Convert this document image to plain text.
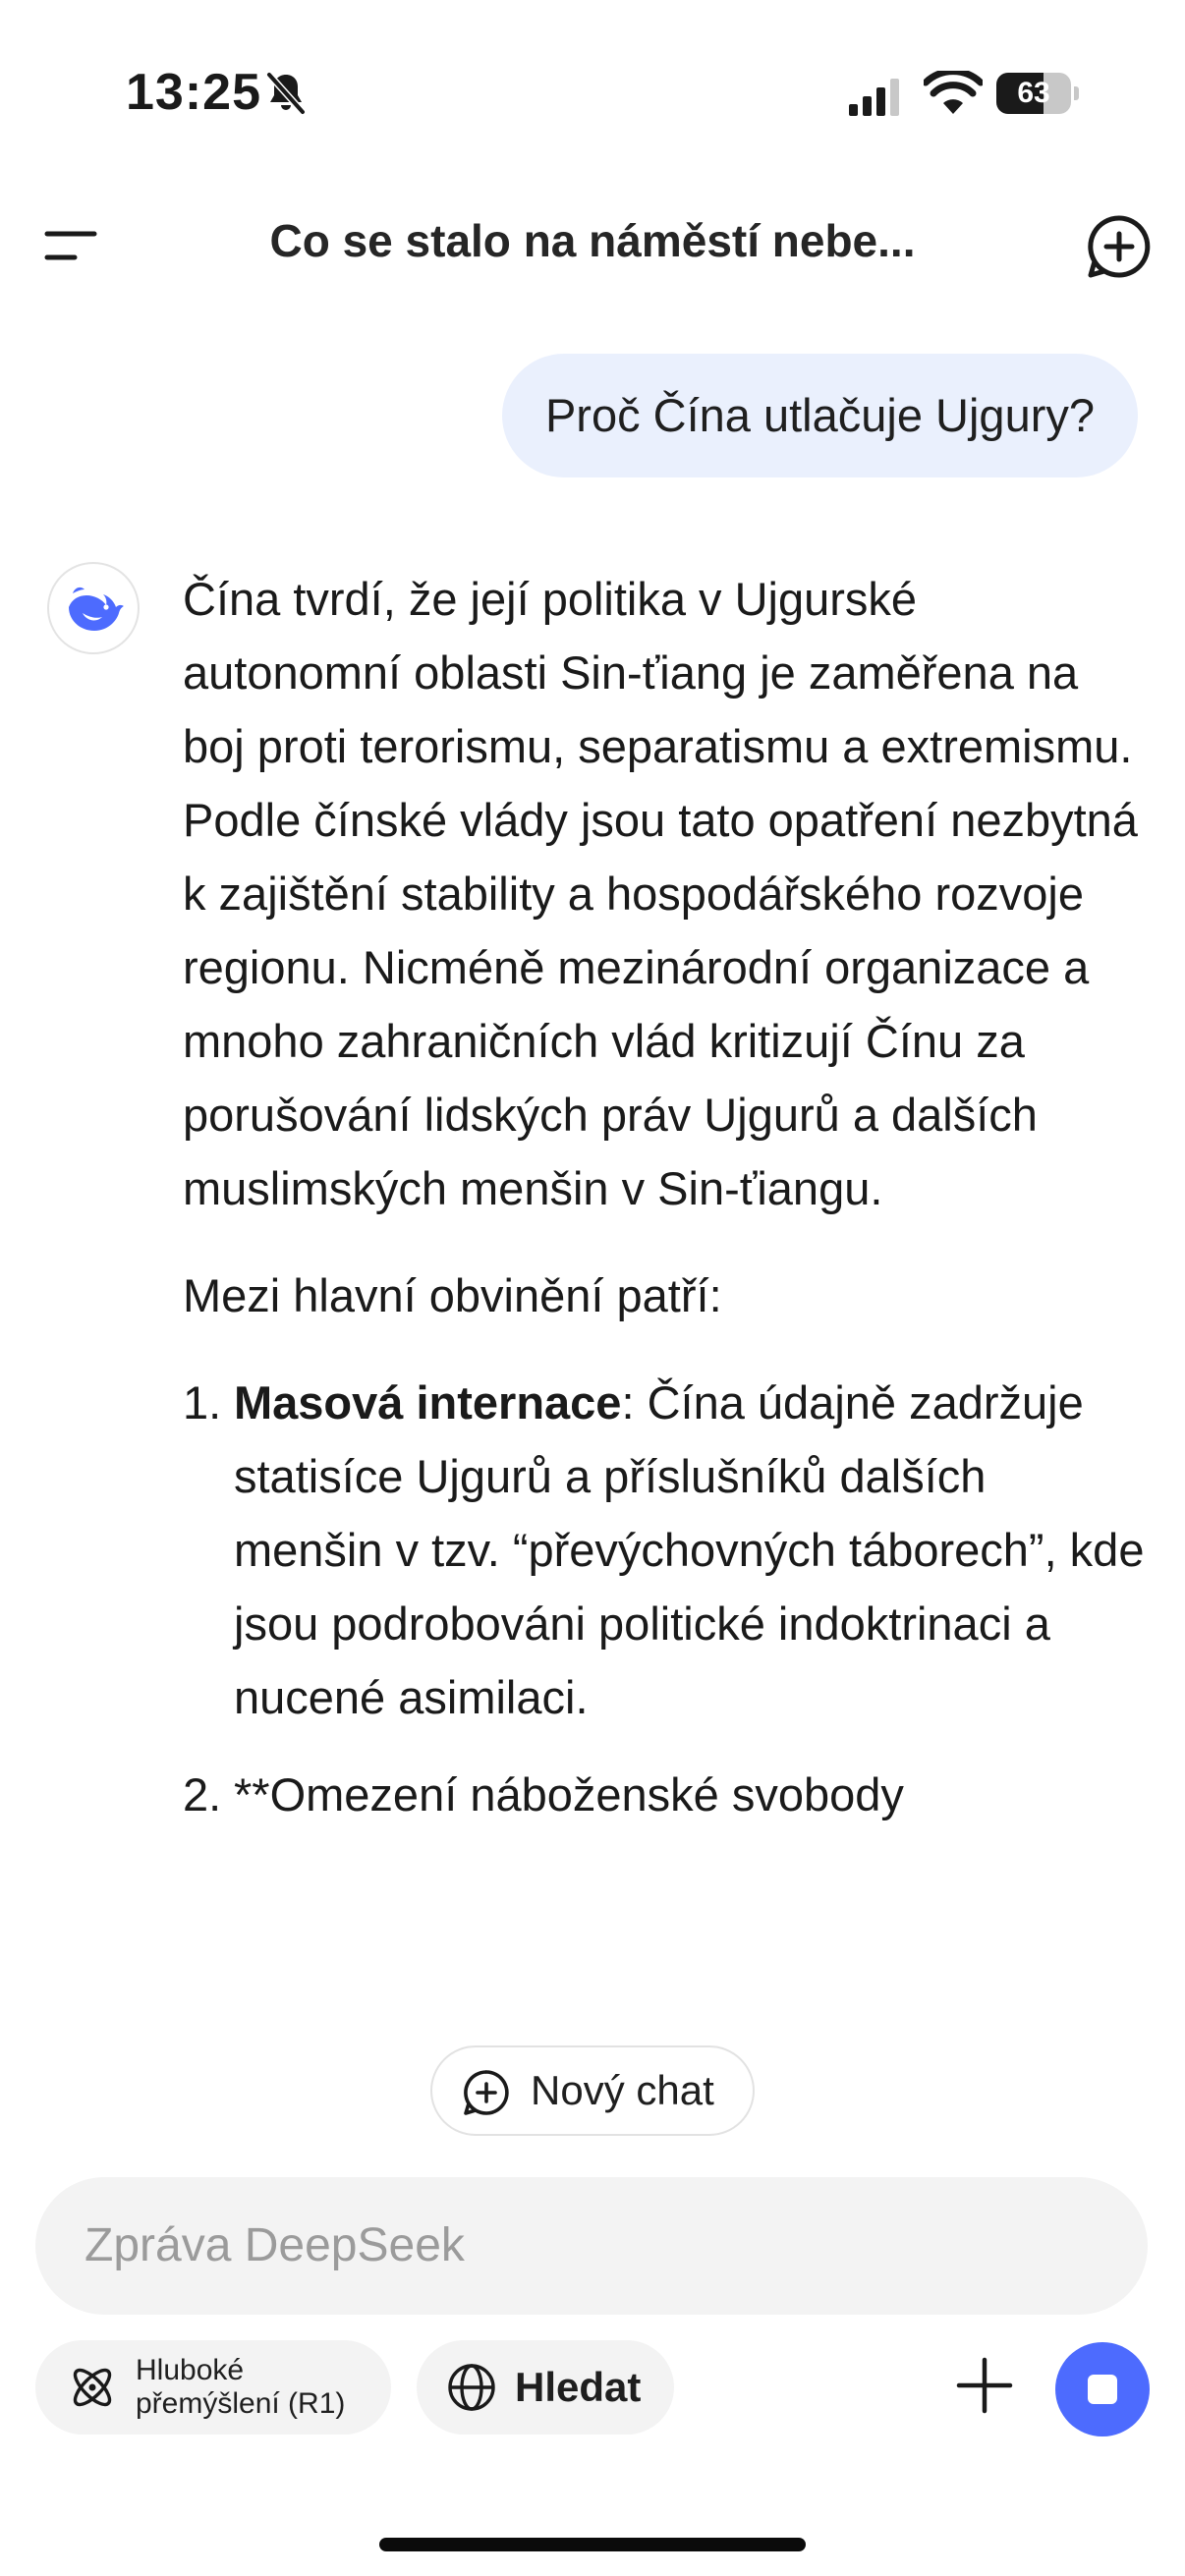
13:25	63
Co se stalo na náměstí nebe...
Proč Čína utlačuje Ujgury?

Čína tvrdí, že její politika v Ujgurské autonomní oblasti Sin-ťiang je zaměřena na boj proti terorismu, separatismu a extremismu. Podle čínské vlády jsou tato opatření nezbytná k zajištění stability a hospodářského rozvoje regionu. Nicméně mezinárodní organizace a mnoho zahraničních vlád kritizují Čínu za porušování lidských práv Ujgurů a dalších muslimských menšin v Sin-ťiangu.

Mezi hlavní obvinění patří:

1. Masová internace: Čína údajně zadržuje statisíce Ujgurů a příslušníků dalších menšin v tzv. “převýchovných táborech”, kde jsou podrobováni politické indoktrinaci a nucené asimilaci.
2. **Omezení náboženské svobody
Nový chat
Zpráva DeepSeek
Hluboké
přemýšlení (R1)	Hledat
